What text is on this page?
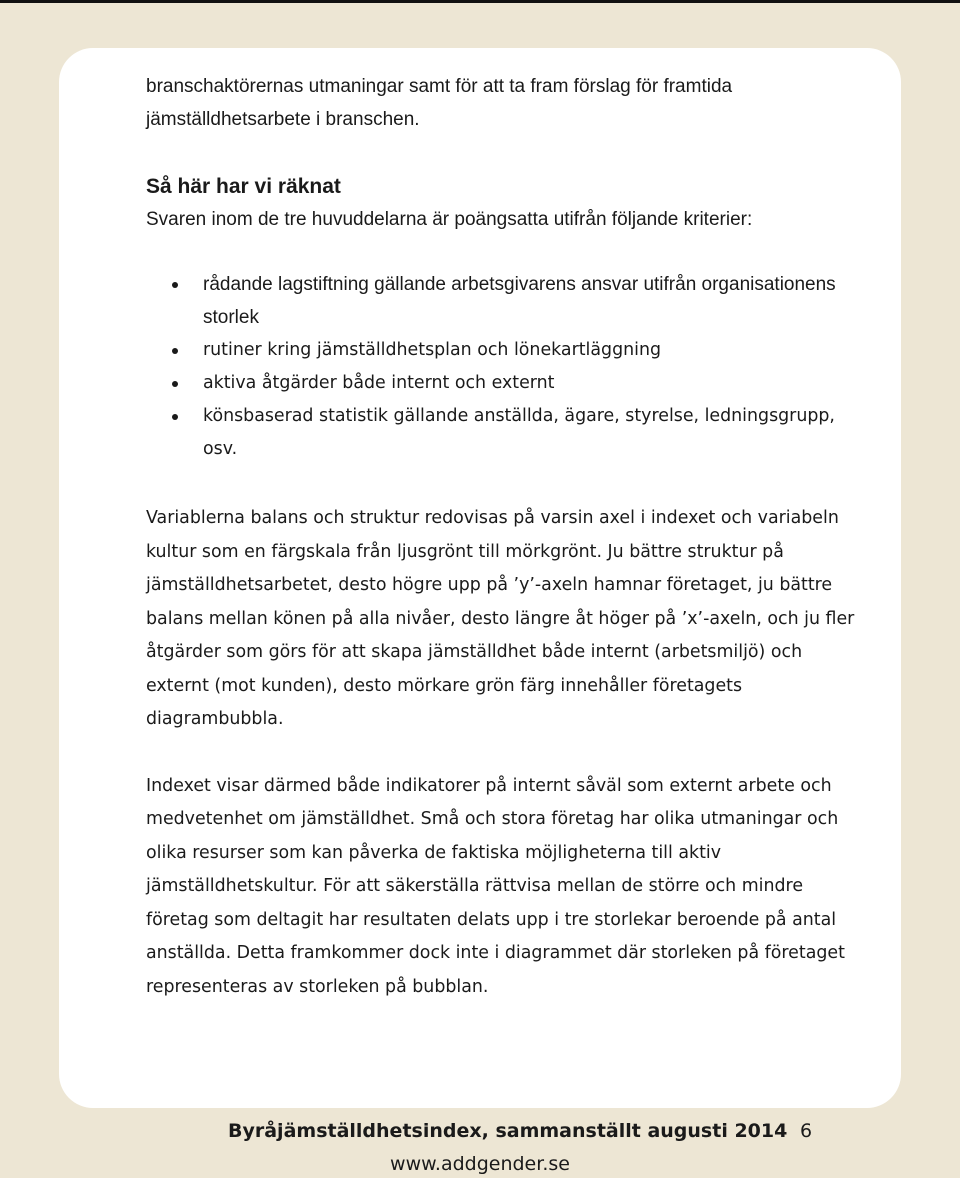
branschaktörernas utmaningar samt för att ta fram förslag för framtida jämställdhetsarbete i branschen.

Så här har vi räknat

Svaren inom de tre huvuddelarna är poängsatta utifrån följande kriterier:

rådande lagstiftning gällande arbetsgivarens ansvar utifrån organisationens storlek
rutiner kring jämställdhetsplan och lönekartläggning
aktiva åtgärder både internt och externt
könsbaserad statistik gällande anställda, ägare, styrelse, ledningsgrupp, osv.

Variablerna balans och struktur redovisas på varsin axel i indexet och variabeln kultur som en färgskala från ljusgrönt till mörkgrönt. Ju bättre struktur på jämställdhetsarbetet, desto högre upp på ’y’-axeln hamnar företaget, ju bättre balans mellan könen på alla nivåer, desto längre åt höger på ’x’-axeln, och ju fler åtgärder som görs för att skapa jämställdhet både internt (arbetsmiljö) och externt (mot kunden), desto mörkare grön färg innehåller företagets diagrambubbla.

Indexet visar därmed både indikatorer på internt såväl som externt arbete och medvetenhet om jämställdhet. Små och stora företag har olika utmaningar och olika resurser som kan påverka de faktiska möjligheterna till aktiv jämställdhetskultur. För att säkerställa rättvisa mellan de större och mindre företag som deltagit har resultaten delats upp i tre storlekar beroende på antal anställda. Detta framkommer dock inte i diagrammet där storleken på företaget representeras av storleken på bubblan.

Byråjämställdhetsindex, sammanställt augusti 2014 6
www.addgender.se
